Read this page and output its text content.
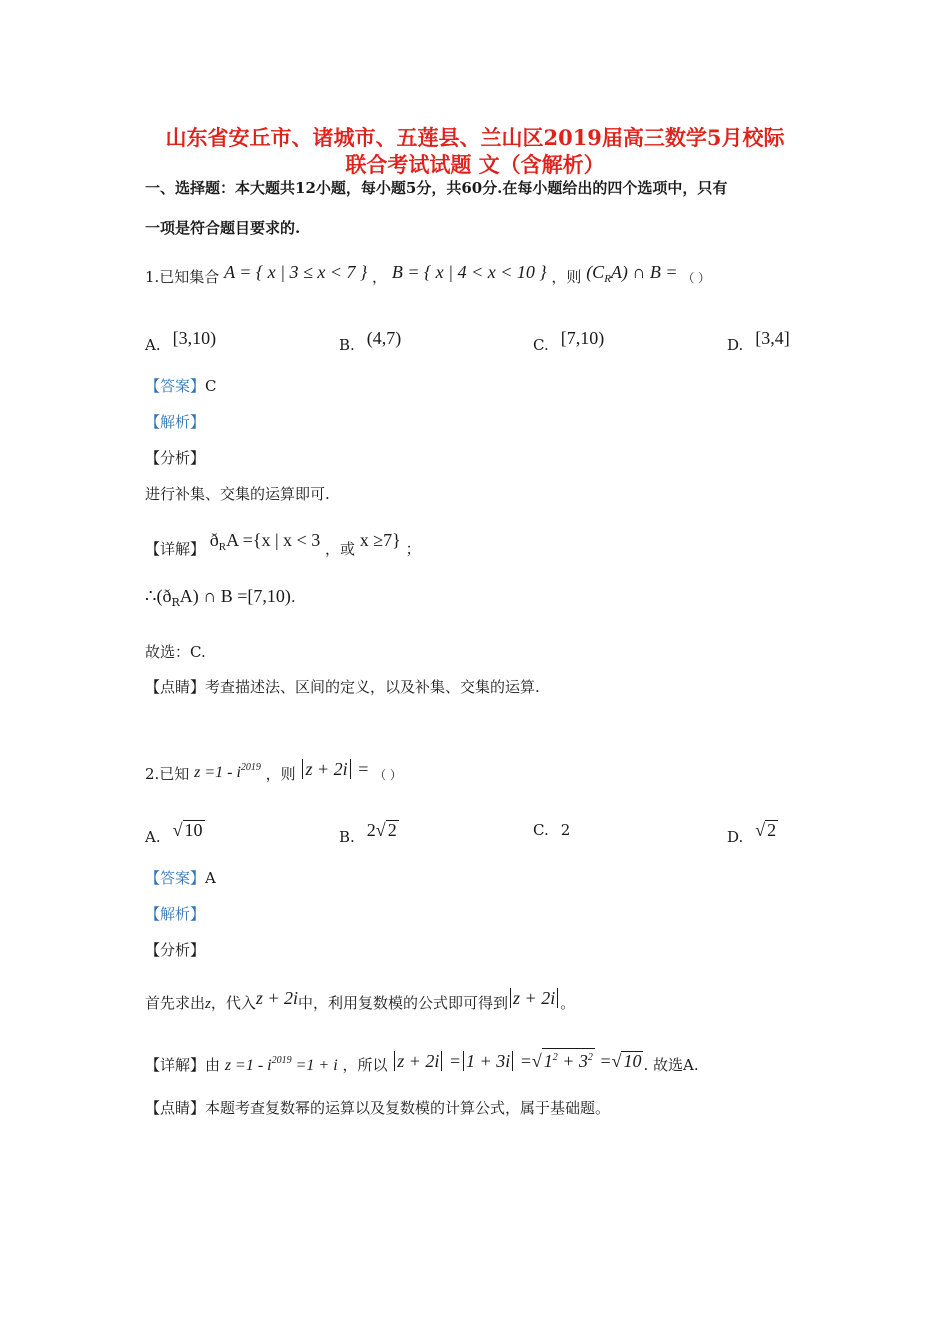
山东省安丘市、诸城市、五莲县、兰山区2019届高三数学5月校际
联合考试试题 文（含解析）
一、选择题：本大题共12小题，每小题5分，共60分.在每小题给出的四个选项中，只有
一项是符合题目要求的.
1.已知集合 A = { x | 3 ≤ x < 7 } ， B = { x | 4 < x < 10 } ，则 $(C_RA)$ ∩ B = （ ）
A. [3,10)	B. (4,7)	C. [7,10)	D. [3,4]
【答案】C
【解析】
【分析】
进行补集、交集的运算即可.
【详解】 $ð_RA =\{x$ | x < 3 ，或 x ≥7} ；
$\therefore(ð_RA)$ ∩ B =[7,10).
故选：C.
【点睛】考查描述法、区间的定义，以及补集、交集的运算.
2.已知 $z =1 - i^{2019}$ ，则 z + 2i = （ ）
A. √ 10	B. 2√ 2	C. 2	D. √ 2
【答案】A
【解析】
【分析】
首先求出z，代入z + 2i中，利用复数模的公式即可得到 z + 2i 。
【详解】由 $z =1 - i^{2019} =1 + i$ ，所以 z + 2i = 1 + 3i =√ $1^2 + 3^2$ =√ 10 . 故选A.
【点睛】本题考查复数幂的运算以及复数模的计算公式，属于基础题。
